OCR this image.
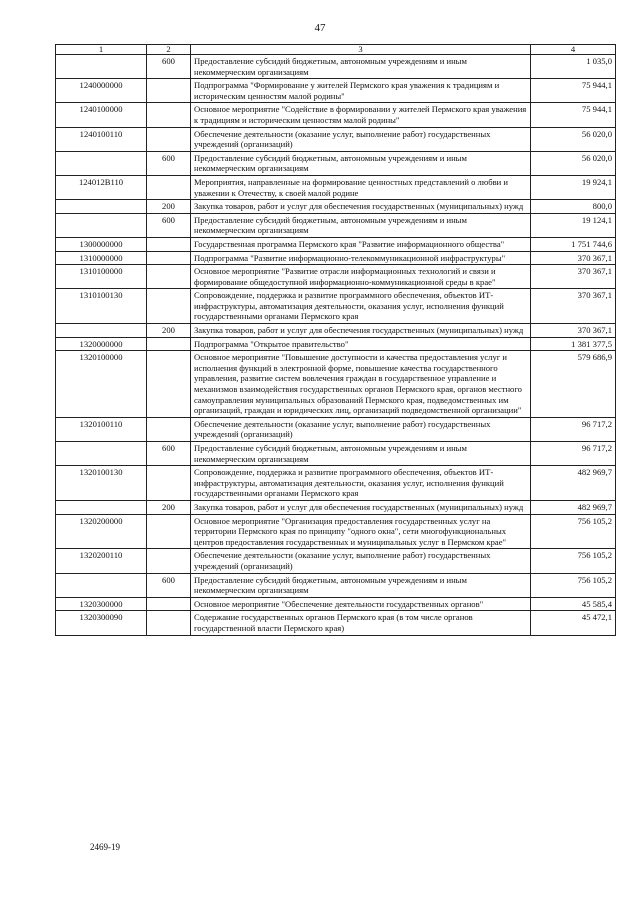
47
1	2	3	4
	600	Предоставление субсидий бюджетным, автономным учреждениям и иным некоммерческим организациям	1 035,0
1240000000		Подпрограмма "Формирование у жителей Пермского края уважения к традициям и историческим ценностям малой родины"	75 944,1
1240100000		Основное мероприятие "Содействие в формировании у жителей Пермского края уважения к традициям и историческим ценностям малой родины"	75 944,1
1240100110		Обеспечение деятельности (оказание услуг, выполнение работ) государственных учреждений (организаций)	56 020,0
	600	Предоставление субсидий бюджетным, автономным учреждениям и иным некоммерческим организациям	56 020,0
124012В110		Мероприятия, направленные на формирование ценностных представлений о любви и уважении к Отечеству, к своей малой родине	19 924,1
	200	Закупка товаров, работ и услуг для обеспечения государственных (муниципальных) нужд	800,0
	600	Предоставление субсидий бюджетным, автономным учреждениям и иным некоммерческим организациям	19 124,1
1300000000		Государственная программа Пермского края "Развитие информационного общества"	1 751 744,6
1310000000		Подпрограмма "Развитие информационно-телекоммуникационной инфраструктуры"	370 367,1
1310100000		Основное мероприятие "Развитие отрасли информационных технологий и связи и формирование общедоступной информационно-коммуникационной среды в крае"	370 367,1
1310100130		Сопровождение, поддержка и развитие программного обеспечения, объектов ИТ-инфраструктуры, автоматизация деятельности, оказания услуг, исполнения функций государственными органами Пермского края	370 367,1
	200	Закупка товаров, работ и услуг для обеспечения государственных (муниципальных) нужд	370 367,1
1320000000		Подпрограмма "Открытое правительство"	1 381 377,5
1320100000		Основное мероприятие "Повышение доступности и качества предоставления услуг и исполнения функций в электронной форме, повышение качества государственного управления, развитие систем вовлечения граждан в государственное управление и механизмов взаимодействия государственных органов Пермского края, органов местного самоуправления муниципальных образований Пермского края, подведомственных им организаций, граждан и юридических лиц, организаций подведомственной организации"	579 686,9
1320100110		Обеспечение деятельности (оказание услуг, выполнение работ) государственных учреждений (организаций)	96 717,2
	600	Предоставление субсидий бюджетным, автономным учреждениям и иным некоммерческим организациям	96 717,2
1320100130		Сопровождение, поддержка и развитие программного обеспечения, объектов ИТ-инфраструктуры, автоматизация деятельности, оказания услуг, исполнения функций государственными органами Пермского края	482 969,7
	200	Закупка товаров, работ и услуг для обеспечения государственных (муниципальных) нужд	482 969,7
1320200000		Основное мероприятие "Организация предоставления государственных услуг на территории Пермского края по принципу "одного окна", сети многофункциональных центров предоставления государственных и муниципальных услуг в Пермском крае"	756 105,2
1320200110		Обеспечение деятельности (оказание услуг, выполнение работ) государственных учреждений (организаций)	756 105,2
	600	Предоставление субсидий бюджетным, автономным учреждениям и иным некоммерческим организациям	756 105,2
1320300000		Основное мероприятие "Обеспечение деятельности государственных органов"	45 585,4
1320300090		Содержание государственных органов Пермского края (в том числе органов государственной власти Пермского края)	45 472,1
2469-19
